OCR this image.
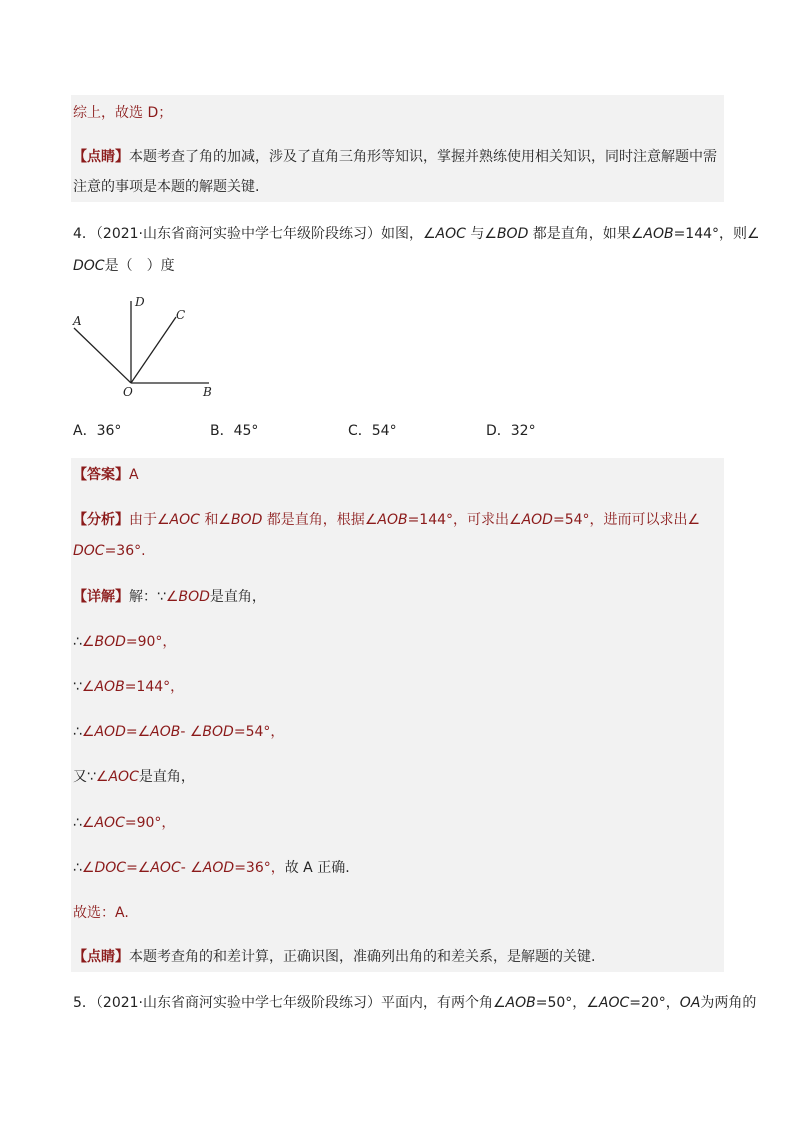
综上，故选 D；
【点睛】本题考查了角的加减，涉及了直角三角形等知识，掌握并熟练使用相关知识，同时注意解题中需
注意的事项是本题的解题关键.
4．（2021·山东省商河实验中学七年级阶段练习）如图，∠AOC 与∠BOD 都是直角，如果∠AOB=144°，则∠
DOC是（　）度
A
D
C
O	B
A．36°	B．45°	C．54°	D．32°
【答案】A
【分析】由于∠AOC 和∠BOD 都是直角，根据∠AOB=144°，可求出∠AOD=54°，进而可以求出∠
DOC=36°.
【详解】解：∵∠BOD是直角，
∴∠BOD=90°，
∵∠AOB=144°，
∴∠AOD=∠AOB- ∠BOD=54°，
又∵∠AOC是直角，
∴∠AOC=90°，
∴∠DOC=∠AOC- ∠AOD=36°，故 A 正确.
故选：A.
【点睛】本题考查角的和差计算，正确识图，准确列出角的和差关系，是解题的关键.
5．（2021·山东省商河实验中学七年级阶段练习）平面内，有两个角∠AOB=50°，∠AOC=20°，OA为两角的
